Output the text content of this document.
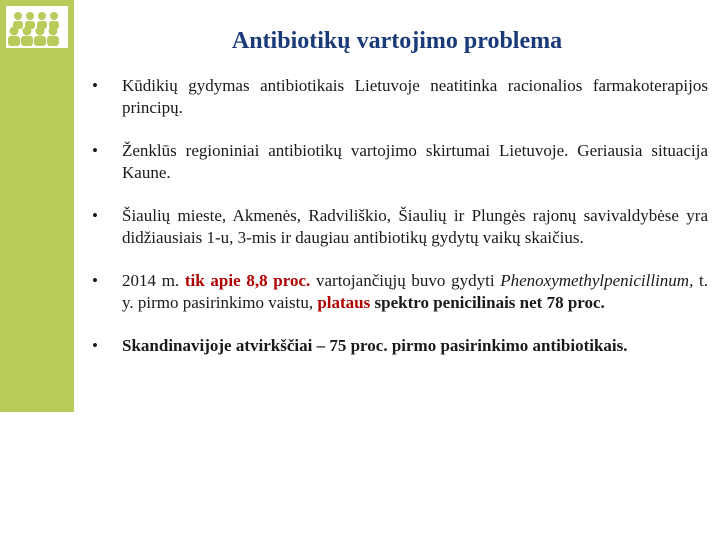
Antibiotikų vartojimo problema
• Kūdikių gydymas antibiotikais Lietuvoje neatitinka racionalios farmakoterapijos principų.
• Ženklūs regioniniai antibiotikų vartojimo skirtumai Lietuvoje. Geriausia situacija Kaune.
• Šiaulių mieste, Akmenės, Radviliškio, Šiaulių ir Plungės rajonų savivaldybėse yra didžiausiais 1-u, 3-mis ir daugiau antibiotikų gydytų vaikų skaičius.
• 2014 m. tik apie 8,8 proc. vartojančiųjų buvo gydyti Phenoxymethylpenicillinum, t. y. pirmo pasirinkimo vaistu, plataus spektro penicilinais net 78 proc.
• Skandinavijoje atvirkščiai – 75 proc. pirmo pasirinkimo antibiotikais.
